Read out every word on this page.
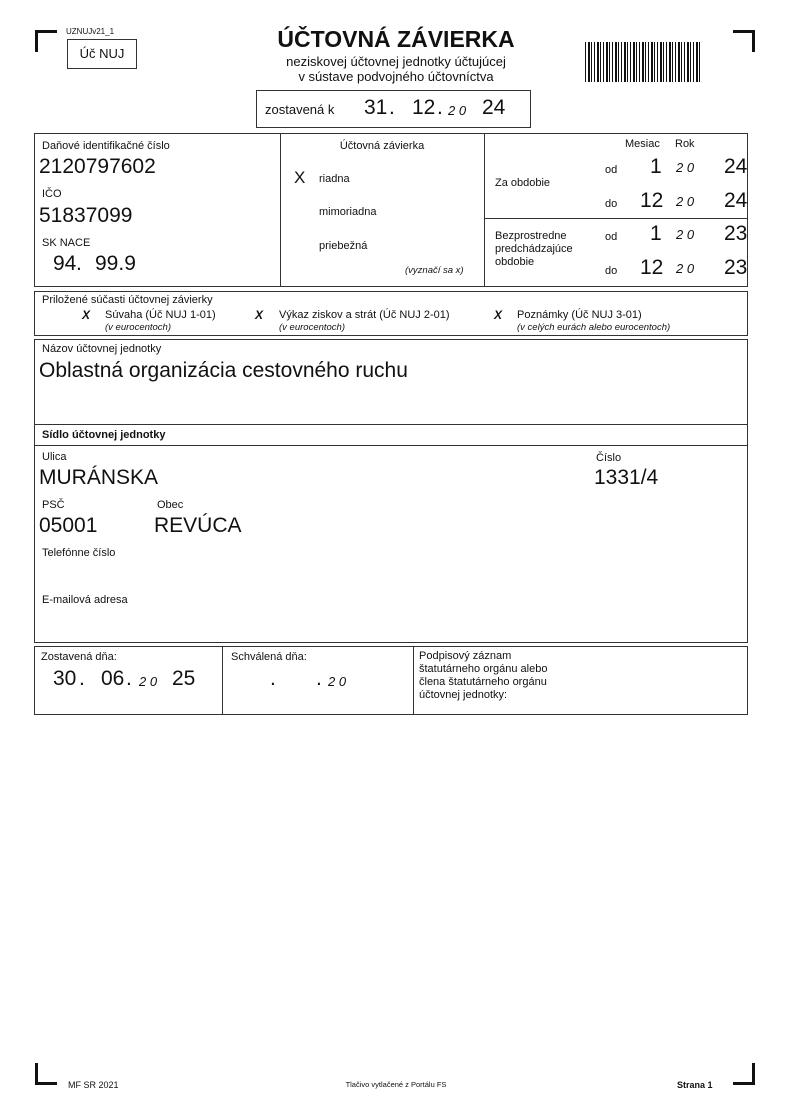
UZNUJv21_1
Úč NUJ
ÚČTOVNÁ ZÁVIERKA
neziskovej účtovnej jednotky účtujúcej
v sústave podvojného účtovníctva
zostavená k 31 . 12 . 2 0 24
Daňové identifikačné číslo
2120797602
IČO
51837099
SK NACE
94 . 99.9
Účtovná závierka
X riadna
mimoriadna
priebežná
(vyznačí sa x)
Mesiac Rok
Za obdobie
Bezprostredne predchádzajúce obdobie
od 1 2 0 24
do 12 2 0 24
od 1 2 0 23
do 12 2 0 23
Priložené súčasti účtovnej závierky
X Súvaha (Úč NUJ 1-01)
(v eurocentoch)
X Výkaz ziskov a strát (Úč NUJ 2-01)
(v eurocentoch)
X Poznámky (Úč NUJ 3-01)
(v celých eurách alebo eurocentoch)
Názov účtovnej jednotky
Oblastná organizácia cestovného ruchu
Sídlo účtovnej jednotky
Ulica
MURÁNSKA
Číslo
1331/4
PSČ
05001
Obec
REVÚCA
Telefónne číslo
E-mailová adresa
Zostavená dňa:
30 . 06 . 2 0 25
Schválená dňa:
. . 2 0
Podpisový záznam
štatutárneho orgánu alebo
člena štatutárneho orgánu
účtovnej jednotky:
MF SR 2021	Tlačivo vytlačené z Portálu FS	Strana 1
